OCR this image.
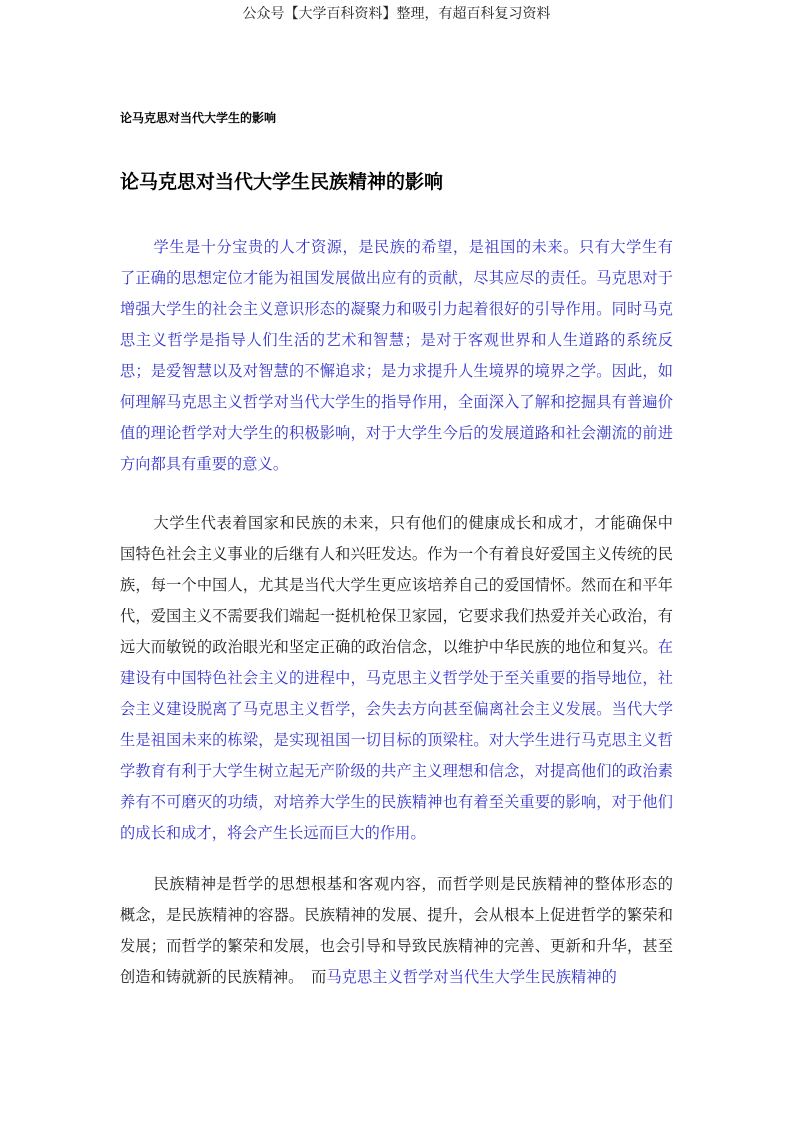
公众号【大学百科资料】整理，有超百科复习资料
论马克思对当代大学生的影响
论马克思对当代大学生民族精神的影响

学生是十分宝贵的人才资源，是民族的希望，是祖国的未来。只有大学生有了正确的思想定位才能为祖国发展做出应有的贡献，尽其应尽的责任。马克思对于增强大学生的社会主义意识形态的凝聚力和吸引力起着很好的引导作用。同时马克思主义哲学是指导人们生活的艺术和智慧；是对于客观世界和人生道路的系统反思；是爱智慧以及对智慧的不懈追求；是力求提升人生境界的境界之学。因此，如何理解马克思主义哲学对当代大学生的指导作用，全面深入了解和挖掘具有普遍价值的理论哲学对大学生的积极影响，对于大学生今后的发展道路和社会潮流的前进方向都具有重要的意义。

大学生代表着国家和民族的未来，只有他们的健康成长和成才，才能确保中国特色社会主义事业的后继有人和兴旺发达。作为一个有着良好爱国主义传统的民族，每一个中国人，尤其是当代大学生更应该培养自己的爱国情怀。然而在和平年代，爱国主义不需要我们端起一挺机枪保卫家园，它要求我们热爱并关心政治，有远大而敏锐的政治眼光和坚定正确的政治信念，以维护中华民族的地位和复兴。在建设有中国特色社会主义的进程中，马克思主义哲学处于至关重要的指导地位，社会主义建设脱离了马克思主义哲学，会失去方向甚至偏离社会主义发展。当代大学生是祖国未来的栋梁，是实现祖国一切目标的顶梁柱。对大学生进行马克思主义哲学教育有利于大学生树立起无产阶级的共产主义理想和信念，对提高他们的政治素养有不可磨灭的功绩，对培养大学生的民族精神也有着至关重要的影响，对于他们的成长和成才，将会产生长远而巨大的作用。

民族精神是哲学的思想根基和客观内容，而哲学则是民族精神的整体形态的概念，是民族精神的容器。民族精神的发展、提升，会从根本上促进哲学的繁荣和发展；而哲学的繁荣和发展，也会引导和导致民族精神的完善、更新和升华，甚至创造和铸就新的民族精神。　而马克思主义哲学对当代生大学生民族精神的
